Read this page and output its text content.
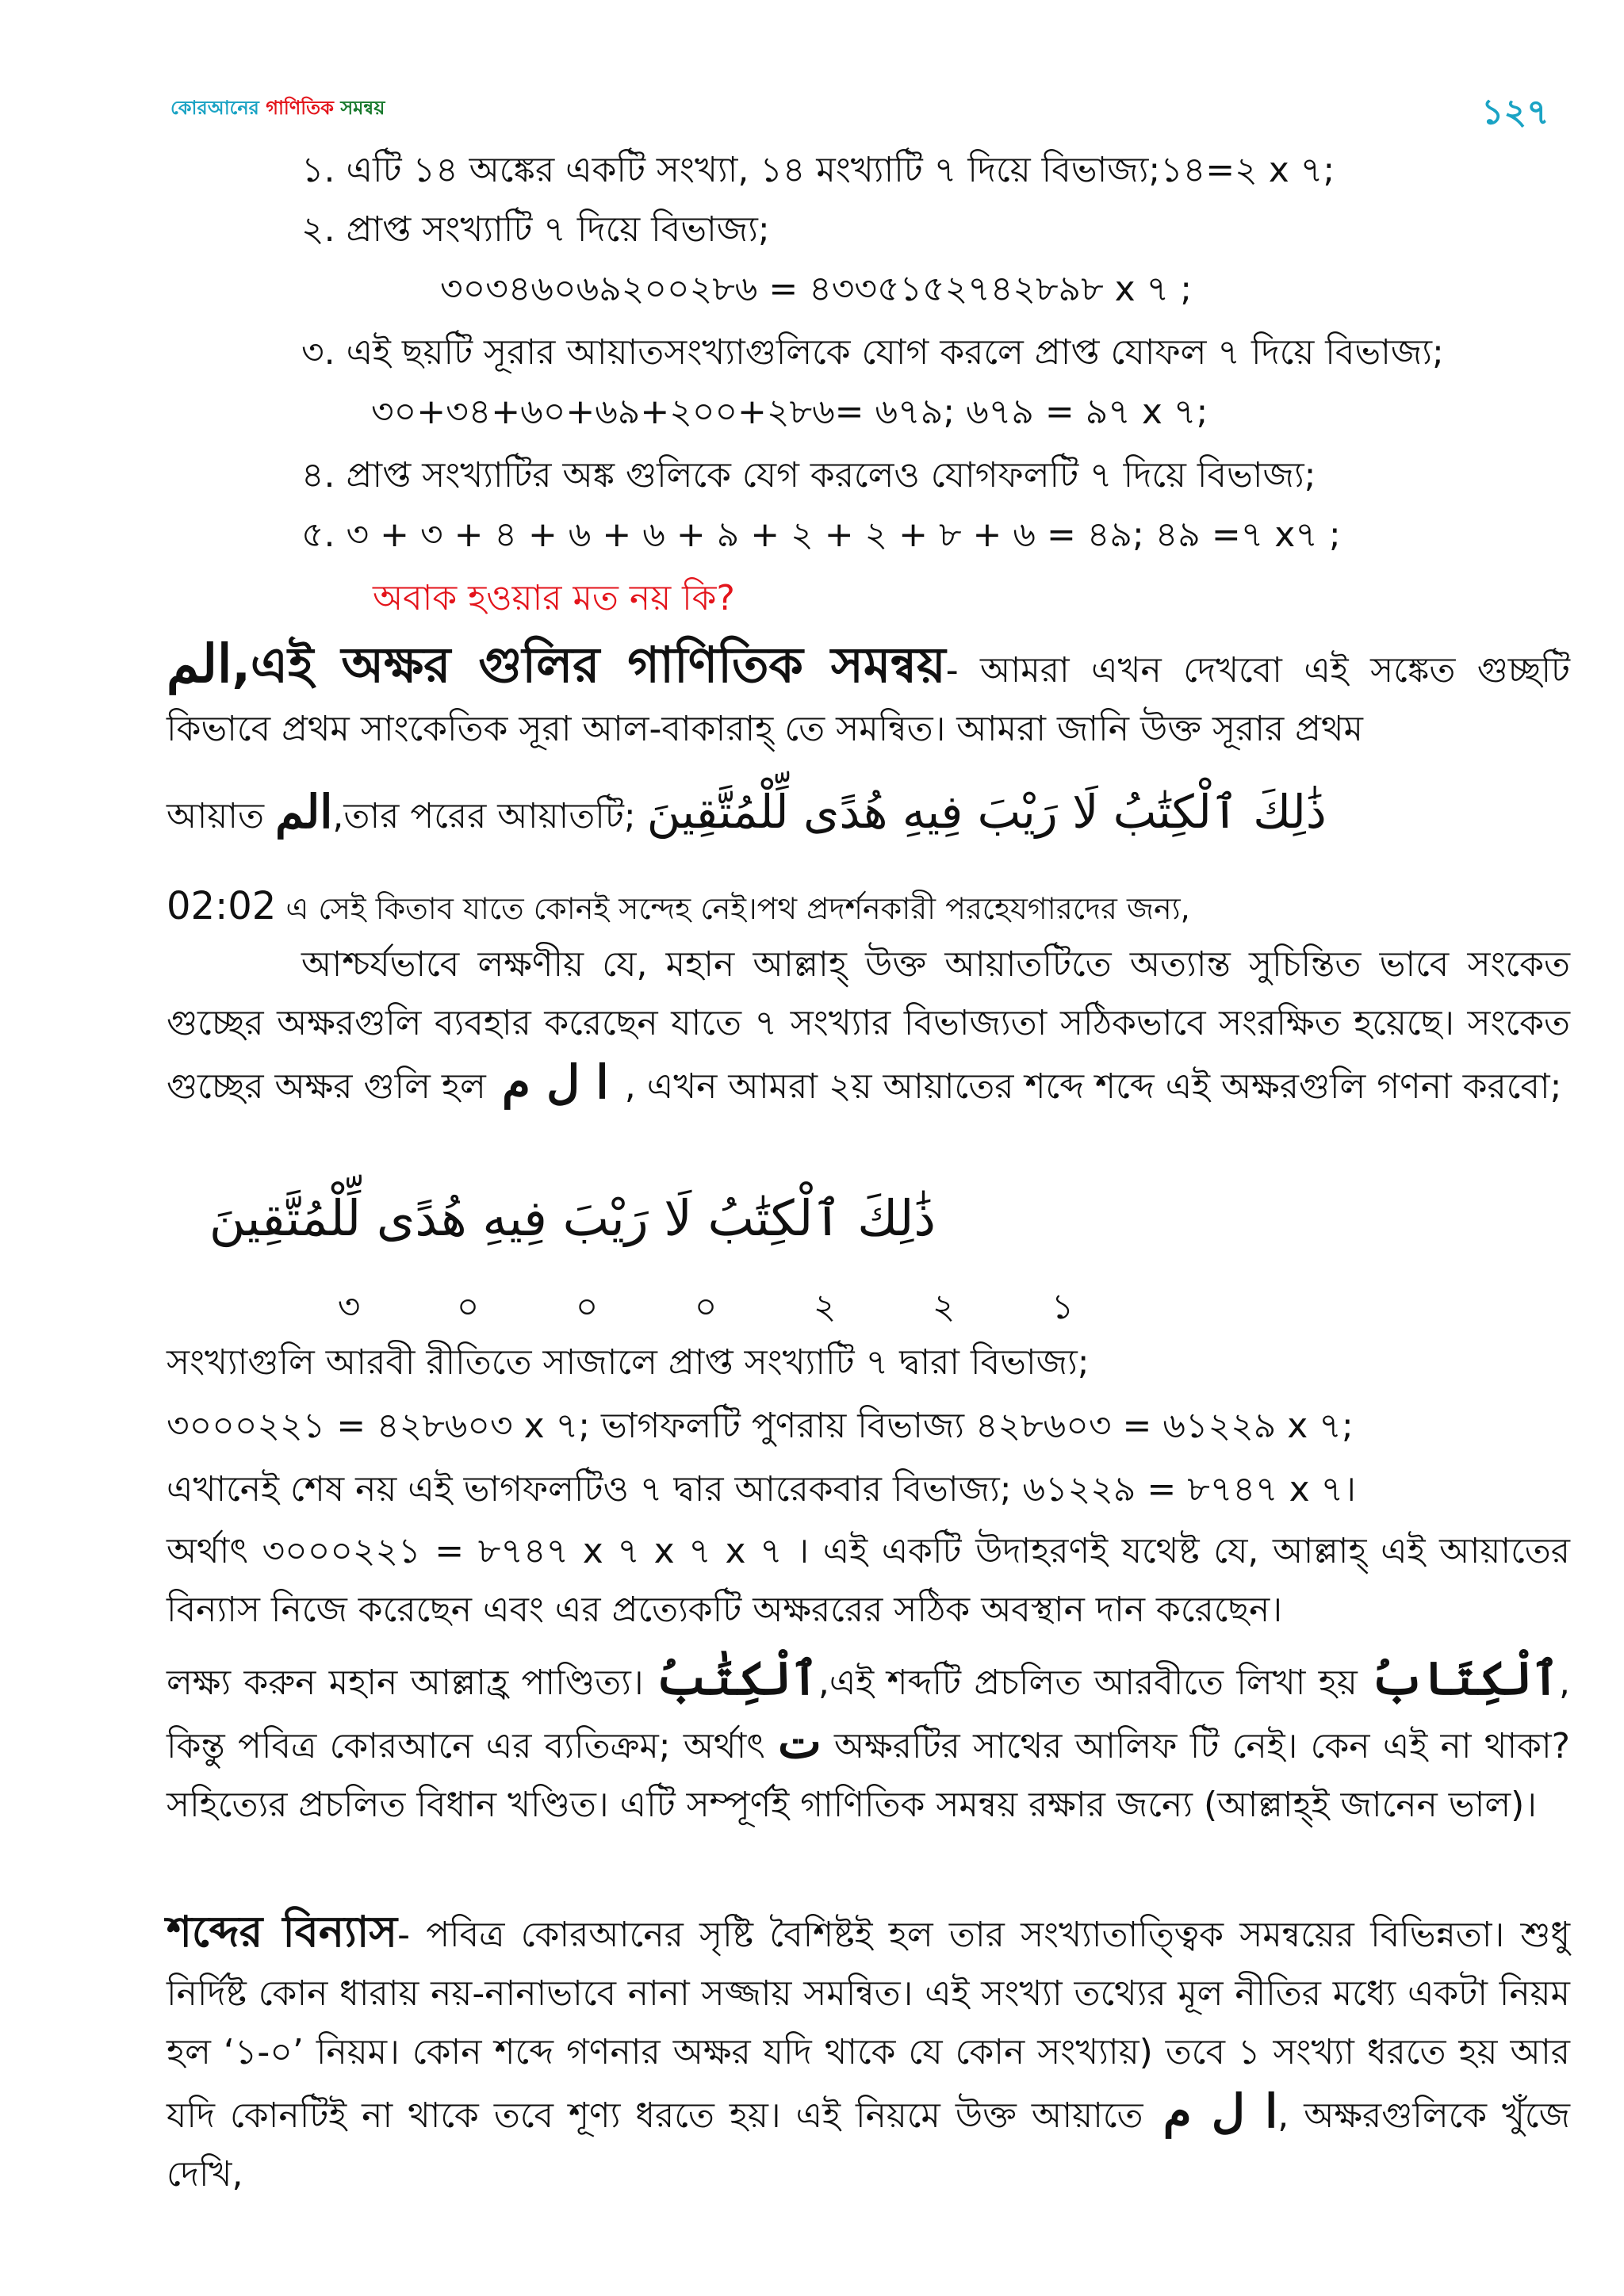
কোরআনের গাণিতিক সমন্বয়	১২৭
১. এটি ১৪ অঙ্কের একটি সংখ্যা, ১৪ মংখ্যাটি ৭ দিয়ে বিভাজ্য;১৪=২ x ৭;
২. প্রাপ্ত সংখ্যাটি ৭ দিয়ে বিভাজ্য;
৩০৩৪৬০৬৯২০০২৮৬ = ৪৩৩৫১৫২৭৪২৮৯৮ x ৭ ;
৩. এই ছয়টি সূরার আয়াতসংখ্যাগুলিকে যোগ করলে প্রাপ্ত যোফল ৭ দিয়ে বিভাজ্য;
৩০+৩৪+৬০+৬৯+২০০+২৮৬= ৬৭৯; ৬৭৯ = ৯৭ x ৭;
৪. প্রাপ্ত সংখ্যাটির অঙ্ক গুলিকে যেগ করলেও যোগফলটি ৭ দিয়ে বিভাজ্য;
৫. ৩ + ৩ + ৪ + ৬ + ৬ + ৯ + ২ + ২ + ৮ + ৬ = ৪৯; ৪৯ =৭ x৭ ;
অবাক হওয়ার মত নয় কি?

الم,এই অক্ষর গুলির গাণিতিক সমন্বয়- আমরা এখন দেখবো এই সঙ্কেত গুচ্ছটি কিভাবে প্রথম সাংকেতিক সূরা আল-বাকারাহ্ তে সমন্বিত। আমরা জানি উক্ত সূরার প্রথম

আয়াত الم,তার পরের আয়াতটি; ذَٰلِكَ ٱلْكِتَٰبُ لَا رَيْبَ فِيهِ هُدًى لِّلْمُتَّقِينَ
02:02 এ সেই কিতাব যাতে কোনই সন্দেহ নেই।পথ প্রদর্শনকারী পরহেযগারদের জন্য,

আশ্চর্যভাবে লক্ষণীয় যে, মহান আল্লাহ্ উক্ত আয়াতটিতে অত্যান্ত সুচিন্তিত ভাবে সংকেত গুচ্ছের অক্ষরগুলি ব্যবহার করেছেন যাতে ৭ সংখ্যার বিভাজ্যতা সঠিকভাবে সংরক্ষিত হয়েছে। সংকেত গুচ্ছের অক্ষর গুলি হল ا ل م , এখন আমরা ২য় আয়াতের শব্দে শব্দে এই অক্ষরগুলি গণনা করবো;

ذَٰلِكَ ٱلْكِتَٰبُ لَا رَيْبَ فِيهِ هُدًى لِّلْمُتَّقِينَ
৩	০	০	০	২	২	১
সংখ্যাগুলি আরবী রীতিতে সাজালে প্রাপ্ত সংখ্যাটি ৭ দ্বারা বিভাজ্য;
৩০০০২২১ = ৪২৮৬০৩ x ৭; ভাগফলটি পুণরায় বিভাজ্য ৪২৮৬০৩ = ৬১২২৯ x ৭;
এখানেই শেষ নয় এই ভাগফলটিও ৭ দ্বার আরেকবার বিভাজ্য; ৬১২২৯ = ৮৭৪৭ x ৭।
অর্থাৎ ৩০০০২২১ = ৮৭৪৭ x ৭ x ৭ x ৭ । এই একটি উদাহরণই যথেষ্ট যে, আল্লাহ্ এই আয়াতের বিন্যাস নিজে করেছেন এবং এর প্রত্যেকটি অক্ষররের সঠিক অবস্থান দান করেছেন।

লক্ষ্য করুন মহান আল্লাহ্র পাণ্ডিত্য। ٱلْكِتَٰبُ,এই শব্দটি প্রচলিত আরবীতে লিখা হয় ٱلْكِتَابُ, কিন্তু পবিত্র কোরআনে এর ব্যতিক্রম; অর্থাৎ ت অক্ষরটির সাথের আলিফ টি নেই। কেন এই না থাকা? সহিত্যের প্রচলিত বিধান খণ্ডিত। এটি সম্পূর্ণই গাণিতিক সমন্বয় রক্ষার জন্যে (আল্লাহ্ই জানেন ভাল)।

শব্দের বিন্যাস- পবিত্র কোরআনের সৃষ্টি বৈশিষ্টই হল তার সংখ্যাতাত্ত্বিক সমন্বয়ের বিভিন্নতা। শুধু নির্দিষ্ট কোন ধারায় নয়-নানাভাবে নানা সজ্জায় সমন্বিত। এই সংখ্যা তথ্যের মূল নীতির মধ্যে একটা নিয়ম হল ‘১-০’ নিয়ম। কোন শব্দে গণনার অক্ষর যদি থাকে যে কোন সংখ্যায়) তবে ১ সংখ্যা ধরতে হয় আর যদি কোনটিই না থাকে তবে শূণ্য ধরতে হয়। এই নিয়মে উক্ত আয়াতে ا ل م, অক্ষরগুলিকে খুঁজে দেখি,
